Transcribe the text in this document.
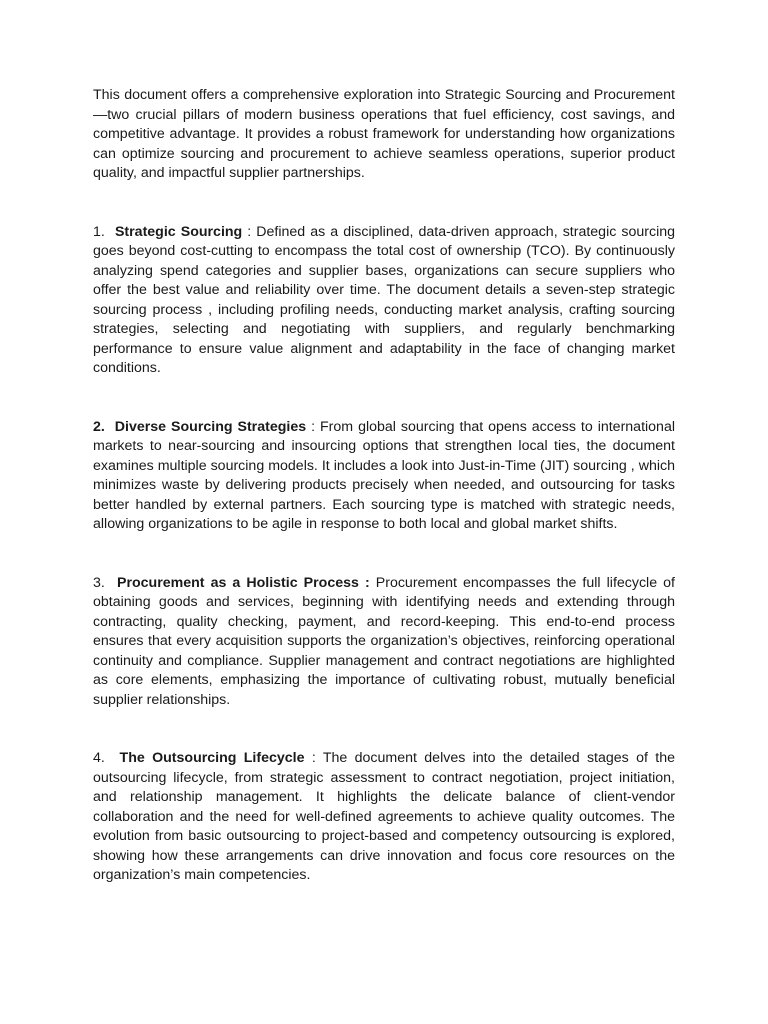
This document offers a comprehensive exploration into Strategic Sourcing and Procurement —two crucial pillars of modern business operations that fuel efficiency, cost savings, and competitive advantage. It provides a robust framework for understanding how organizations can optimize sourcing and procurement to achieve seamless operations, superior product quality, and impactful supplier partnerships.

1. Strategic Sourcing : Defined as a disciplined, data-driven approach, strategic sourcing goes beyond cost-cutting to encompass the total cost of ownership (TCO). By continuously analyzing spend categories and supplier bases, organizations can secure suppliers who offer the best value and reliability over time. The document details a seven-step strategic sourcing process , including profiling needs, conducting market analysis, crafting sourcing strategies, selecting and negotiating with suppliers, and regularly benchmarking performance to ensure value alignment and adaptability in the face of changing market conditions.

2. Diverse Sourcing Strategies : From global sourcing that opens access to international markets to near-sourcing and insourcing options that strengthen local ties, the document examines multiple sourcing models. It includes a look into Just-in-Time (JIT) sourcing , which minimizes waste by delivering products precisely when needed, and outsourcing for tasks better handled by external partners. Each sourcing type is matched with strategic needs, allowing organizations to be agile in response to both local and global market shifts.

3. Procurement as a Holistic Process : Procurement encompasses the full lifecycle of obtaining goods and services, beginning with identifying needs and extending through contracting, quality checking, payment, and record-keeping. This end-to-end process ensures that every acquisition supports the organization’s objectives, reinforcing operational continuity and compliance. Supplier management and contract negotiations are highlighted as core elements, emphasizing the importance of cultivating robust, mutually beneficial supplier relationships.

4. The Outsourcing Lifecycle : The document delves into the detailed stages of the outsourcing lifecycle, from strategic assessment to contract negotiation, project initiation, and relationship management. It highlights the delicate balance of client-vendor collaboration and the need for well-defined agreements to achieve quality outcomes. The evolution from basic outsourcing to project-based and competency outsourcing is explored, showing how these arrangements can drive innovation and focus core resources on the organization’s main competencies.
